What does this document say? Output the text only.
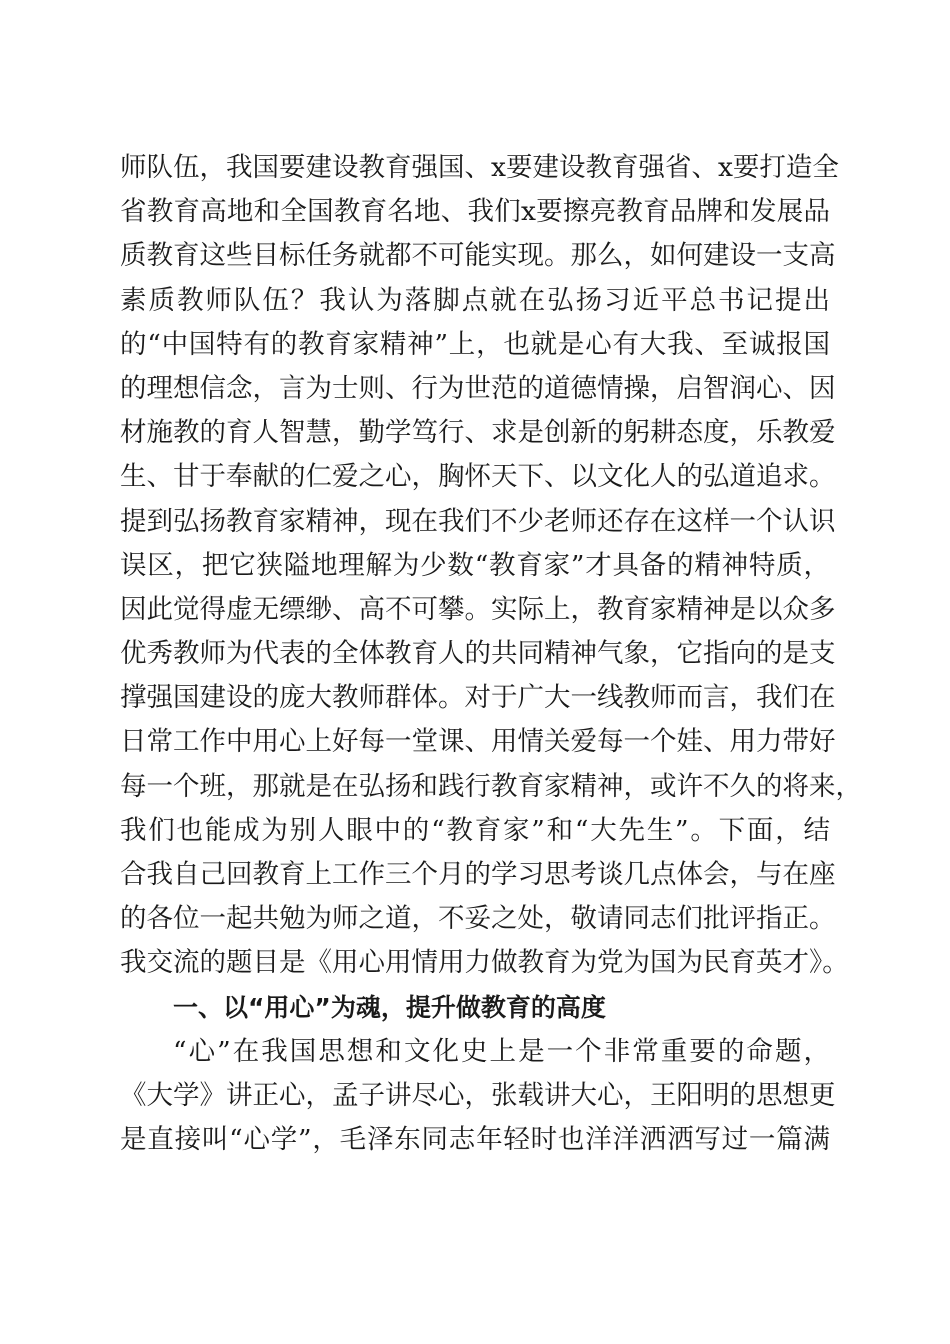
师队伍，我国要建设教育强国、x要建设教育强省、x要打造全
省教育高地和全国教育名地、我们x要擦亮教育品牌和发展品
质教育这些目标任务就都不可能实现。那么，如何建设一支高
素质教师队伍？我认为落脚点就在弘扬习近平总书记提出
的“中国特有的教育家精神”上，也就是心有大我、至诚报国
的理想信念，言为士则、行为世范的道德情操，启智润心、因
材施教的育人智慧，勤学笃行、求是创新的躬耕态度，乐教爱
生、甘于奉献的仁爱之心，胸怀天下、以文化人的弘道追求。
提到弘扬教育家精神，现在我们不少老师还存在这样一个认识
误区，把它狭隘地理解为少数“教育家”才具备的精神特质，
因此觉得虚无缥缈、高不可攀。实际上，教育家精神是以众多
优秀教师为代表的全体教育人的共同精神气象，它指向的是支
撑强国建设的庞大教师群体。对于广大一线教师而言，我们在
日常工作中用心上好每一堂课、用情关爱每一个娃、用力带好
每一个班，那就是在弘扬和践行教育家精神，或许不久的将来，
我们也能成为别人眼中的“教育家”和“大先生”。下面，结
合我自己回教育上工作三个月的学习思考谈几点体会，与在座
的各位一起共勉为师之道，不妥之处，敬请同志们批评指正。
我交流的题目是《用心用情用力做教育为党为国为民育英才》。
一、以“用心”为魂，提升做教育的高度
“心”在我国思想和文化史上是一个非常重要的命题，
《大学》讲正心，孟子讲尽心，张载讲大心，王阳明的思想更
是直接叫“心学”，毛泽东同志年轻时也洋洋洒洒写过一篇满
